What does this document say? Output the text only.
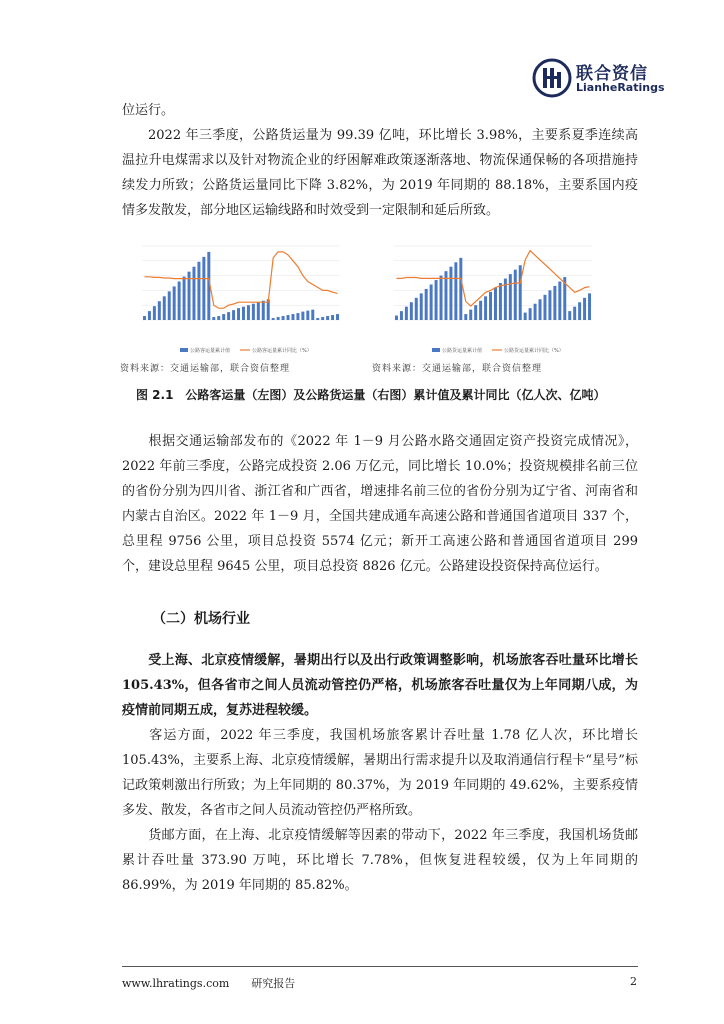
联合资信
LianheRatings
位运行。
2022 年三季度，公路货运量为 99.39 亿吨，环比增长 3.98%，主要系夏季连续高温拉升电煤需求以及针对物流企业的纾困解难政策逐渐落地、物流保通保畅的各项措施持续发力所致；公路货运量同比下降 3.82%，为 2019 年同期的 88.18%，主要系国内疫情多发散发，部分地区运输线路和时效受到一定限制和延后所致。
公路客运量累计值	公路客运量累计同比（%）	公路货运量累计值	公路货运量累计同比（%）
资料来源：交通运输部，联合资信整理	资料来源：交通运输部，联合资信整理
图 2.1　公路客运量（左图）及公路货运量（右图）累计值及累计同比（亿人次、亿吨）
根据交通运输部发布的《2022 年 1－9 月公路水路交通固定资产投资完成情况》，2022 年前三季度，公路完成投资 2.06 万亿元，同比增长 10.0%；投资规模排名前三位的省份分别为四川省、浙江省和广西省，增速排名前三位的省份分别为辽宁省、河南省和内蒙古自治区。2022 年 1－9 月，全国共建成通车高速公路和普通国省道项目 337 个，总里程 9756 公里，项目总投资 5574 亿元；新开工高速公路和普通国省道项目 299 个，建设总里程 9645 公里，项目总投资 8826 亿元。公路建设投资保持高位运行。
（二）机场行业
受上海、北京疫情缓解，暑期出行以及出行政策调整影响，机场旅客吞吐量环比增长 105.43%，但各省市之间人员流动管控仍严格，机场旅客吞吐量仅为上年同期八成，为疫情前同期五成，复苏进程较缓。
客运方面，2022 年三季度，我国机场旅客累计吞吐量 1.78 亿人次，环比增长 105.43%，主要系上海、北京疫情缓解，暑期出行需求提升以及取消通信行程卡“星号”标记政策刺激出行所致；为上年同期的 80.37%，为 2019 年同期的 49.62%，主要系疫情多发、散发，各省市之间人员流动管控仍严格所致。
货邮方面，在上海、北京疫情缓解等因素的带动下，2022 年三季度，我国机场货邮累计吞吐量 373.90 万吨，环比增长 7.78%，但恢复进程较缓，仅为上年同期的 86.99%，为 2019 年同期的 85.82%。
www.lhratings.com　　研究报告	2
